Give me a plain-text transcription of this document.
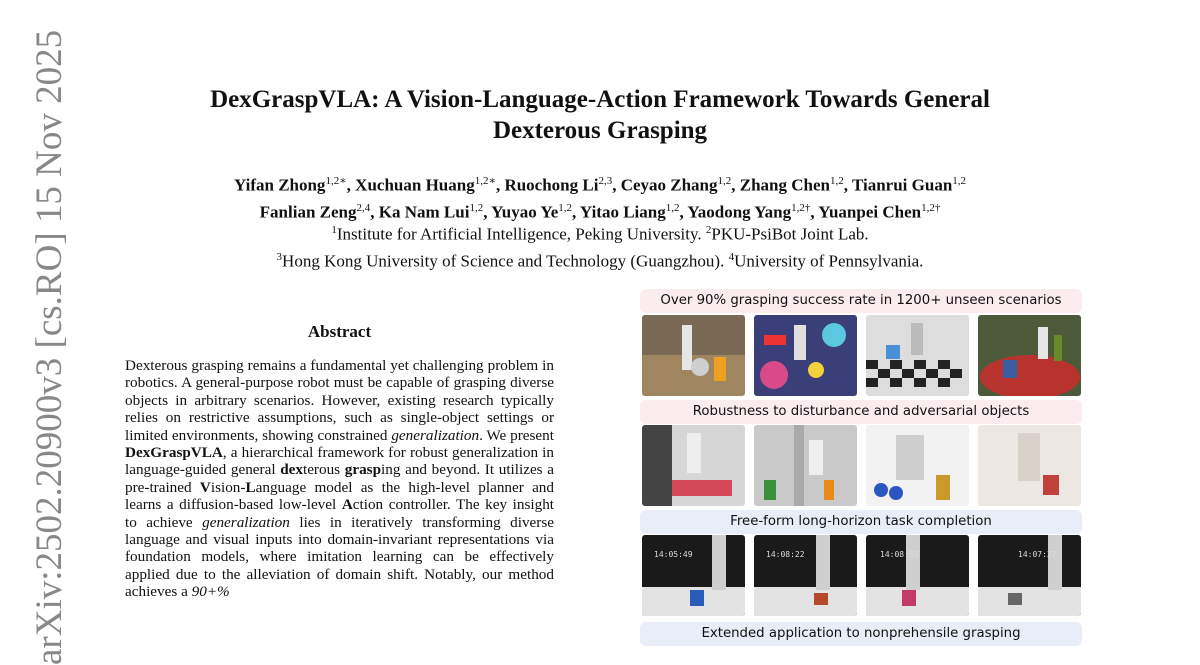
DexGraspVLA: A Vision-Language-Action Framework Towards General
Dexterous Grasping
Yifan Zhong$^{1,2∗}$, Xuchuan Huang$^{1,2∗}$, Ruochong Li$^{2,3}$, Ceyao Zhang$^{1,2}$, Zhang Chen$^{1,2}$, Tianrui Guan$^{1,2}$
Fanlian Zeng$^{2,4}$, Ka Nam Lui$^{1,2}$, Yuyao Ye$^{1,2}$, Yitao Liang$^{1,2}$, Yaodong Yang$^{1,2\dagger}$, Yuanpei Chen$^{1,2\dagger}$
$^1$Institute for Artificial Intelligence, Peking University. $^2$PKU-PsiBot Joint Lab.
$^3$Hong Kong University of Science and Technology (Guangzhou). $^4$University of Pennsylvania.
arXiv:2502.20900v3 [cs.RO] 15 Nov 2025	Abstract

Dexterous grasping remains a fundamental yet challenging problem in robotics. A general-purpose robot must be capable of grasping diverse objects in arbitrary scenarios. However, existing research typically relies on restrictive assumptions, such as single-object settings or limited environments, showing constrained generalization. We present DexGraspVLA, a hierarchical framework for robust generalization in language-guided general dexterous grasping and beyond. It utilizes a pre-trained Vision-Language model as the high-level planner and learns a diffusion-based low-level Action controller. The key insight to achieve generalization lies in iteratively transforming diverse language and visual inputs into domain-invariant representations via foundation models, where imitation learning can be effectively applied due to the alleviation of domain shift. Notably, our method achieves a 90+%

Over 90% grasping success rate in 1200+ unseen scenarios
Robustness to disturbance and adversarial objects
Free-form long-horizon task completion
14:05:49	14:08:22	14:08:55	14:07:27
Extended application to nonprehensile grasping
